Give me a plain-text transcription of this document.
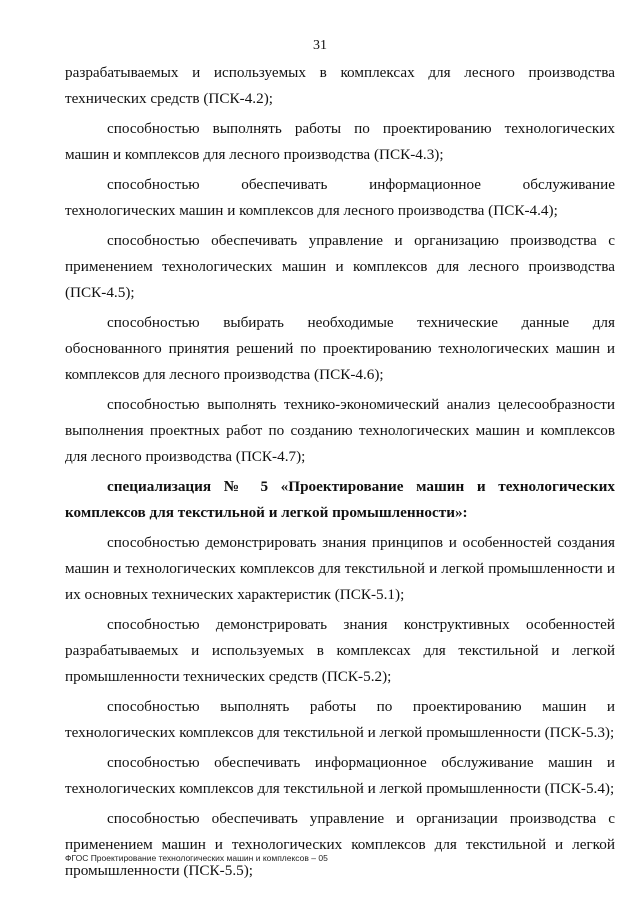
31

разрабатываемых и используемых в комплексах для лесного производства технических средств (ПСК-4.2);

способностью выполнять работы по проектированию технологических машин и комплексов для лесного производства (ПСК-4.3);

способностью обеспечивать информационное обслуживание технологических машин и комплексов для лесного производства (ПСК-4.4);

способностью обеспечивать управление и организацию производства с применением технологических машин и комплексов для лесного производства (ПСК-4.5);

способностью выбирать необходимые технические данные для обоснованного принятия решений по проектированию технологических машин и комплексов для лесного производства (ПСК-4.6);

способностью выполнять технико-экономический анализ целесообразности выполнения проектных работ по созданию технологических машин и комплексов для лесного производства (ПСК-4.7);

специализация № 5 «Проектирование машин и технологических комплексов для текстильной и легкой промышленности»:

способностью демонстрировать знания принципов и особенностей создания машин и технологических комплексов для текстильной и легкой промышленности и их основных технических характеристик (ПСК-5.1);

способностью демонстрировать знания конструктивных особенностей разрабатываемых и используемых в комплексах для текстильной и легкой промышленности технических средств (ПСК-5.2);

способностью выполнять работы по проектированию машин и технологических комплексов для текстильной и легкой промышленности (ПСК-5.3);

способностью обеспечивать информационное обслуживание машин и технологических комплексов для текстильной и легкой промышленности (ПСК-5.4);

способностью обеспечивать управление и организации производства с применением машин и технологических комплексов для текстильной и легкой промышленности (ПСК-5.5);

ФГОС Проектирование технологических машин и комплексов – 05
